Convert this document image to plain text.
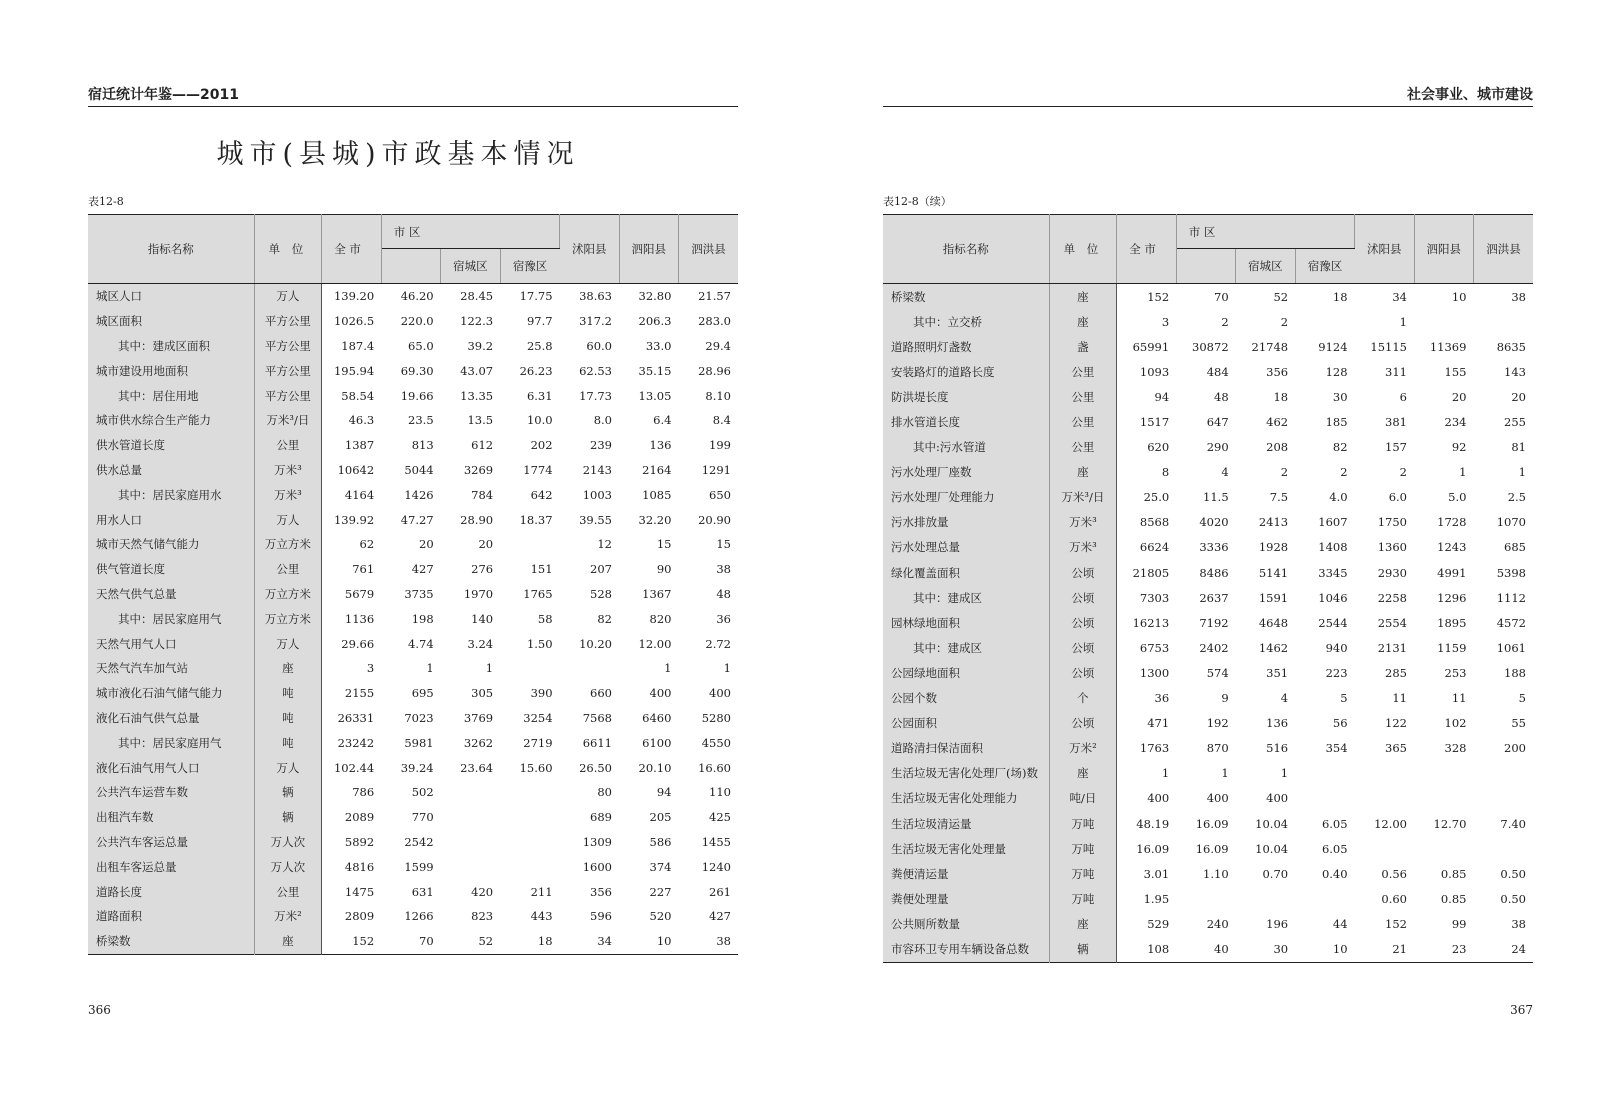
宿迁统计年鉴——2011
城市(县城)市政基本情况
表12-8
指标名称	单 位	全 市	市 区			沭阳县	泗阳县	泗洪县
				宿城区	宿豫区			
城区人口	万人	139.20	46.20	28.45	17.75	38.63	32.80	21.57
城区面积	平方公里	1026.5	220.0	122.3	97.7	317.2	206.3	283.0
其中：建成区面积	平方公里	187.4	65.0	39.2	25.8	60.0	33.0	29.4
城市建设用地面积	平方公里	195.94	69.30	43.07	26.23	62.53	35.15	28.96
其中：居住用地	平方公里	58.54	19.66	13.35	6.31	17.73	13.05	8.10
城市供水综合生产能力	万米³/日	46.3	23.5	13.5	10.0	8.0	6.4	8.4
供水管道长度	公里	1387	813	612	202	239	136	199
供水总量	万米³	10642	5044	3269	1774	2143	2164	1291
其中：居民家庭用水	万米³	4164	1426	784	642	1003	1085	650
用水人口	万人	139.92	47.27	28.90	18.37	39.55	32.20	20.90
城市天然气储气能力	万立方米	62	20	20		12	15	15
供气管道长度	公里	761	427	276	151	207	90	38
天然气供气总量	万立方米	5679	3735	1970	1765	528	1367	48
其中：居民家庭用气	万立方米	1136	198	140	58	82	820	36
天然气用气人口	万人	29.66	4.74	3.24	1.50	10.20	12.00	2.72
天然气汽车加气站	座	3	1	1			1	1
城市液化石油气储气能力	吨	2155	695	305	390	660	400	400
液化石油气供气总量	吨	26331	7023	3769	3254	7568	6460	5280
其中：居民家庭用气	吨	23242	5981	3262	2719	6611	6100	4550
液化石油气用气人口	万人	102.44	39.24	23.64	15.60	26.50	20.10	16.60
公共汽车运营车数	辆	786	502			80	94	110
出租汽车数	辆	2089	770			689	205	425
公共汽车客运总量	万人次	5892	2542			1309	586	1455
出租车客运总量	万人次	4816	1599			1600	374	1240
道路长度	公里	1475	631	420	211	356	227	261
道路面积	万米²	2809	1266	823	443	596	520	427
桥梁数	座	152	70	52	18	34	10	38
366
社会事业、城市建设
表12-8（续）
指标名称	单 位	全 市	市 区			沭阳县	泗阳县	泗洪县
				宿城区	宿豫区			
桥梁数	座	152	70	52	18	34	10	38
其中：立交桥	座	3	2	2		1		
道路照明灯盏数	盏	65991	30872	21748	9124	15115	11369	8635
安装路灯的道路长度	公里	1093	484	356	128	311	155	143
防洪堤长度	公里	94	48	18	30	6	20	20
排水管道长度	公里	1517	647	462	185	381	234	255
其中:污水管道	公里	620	290	208	82	157	92	81
污水处理厂座数	座	8	4	2	2	2	1	1
污水处理厂处理能力	万米³/日	25.0	11.5	7.5	4.0	6.0	5.0	2.5
污水排放量	万米³	8568	4020	2413	1607	1750	1728	1070
污水处理总量	万米³	6624	3336	1928	1408	1360	1243	685
绿化覆盖面积	公顷	21805	8486	5141	3345	2930	4991	5398
其中：建成区	公顷	7303	2637	1591	1046	2258	1296	1112
园林绿地面积	公顷	16213	7192	4648	2544	2554	1895	4572
其中：建成区	公顷	6753	2402	1462	940	2131	1159	1061
公园绿地面积	公顷	1300	574	351	223	285	253	188
公园个数	个	36	9	4	5	11	11	5
公园面积	公顷	471	192	136	56	122	102	55
道路清扫保洁面积	万米²	1763	870	516	354	365	328	200
生活垃圾无害化处理厂(场)数	座	1	1	1				
生活垃圾无害化处理能力	吨/日	400	400	400				
生活垃圾清运量	万吨	48.19	16.09	10.04	6.05	12.00	12.70	7.40
生活垃圾无害化处理量	万吨	16.09	16.09	10.04	6.05			
粪便清运量	万吨	3.01	1.10	0.70	0.40	0.56	0.85	0.50
粪便处理量	万吨	1.95				0.60	0.85	0.50
公共厕所数量	座	529	240	196	44	152	99	38
市容环卫专用车辆设备总数	辆	108	40	30	10	21	23	24
367
